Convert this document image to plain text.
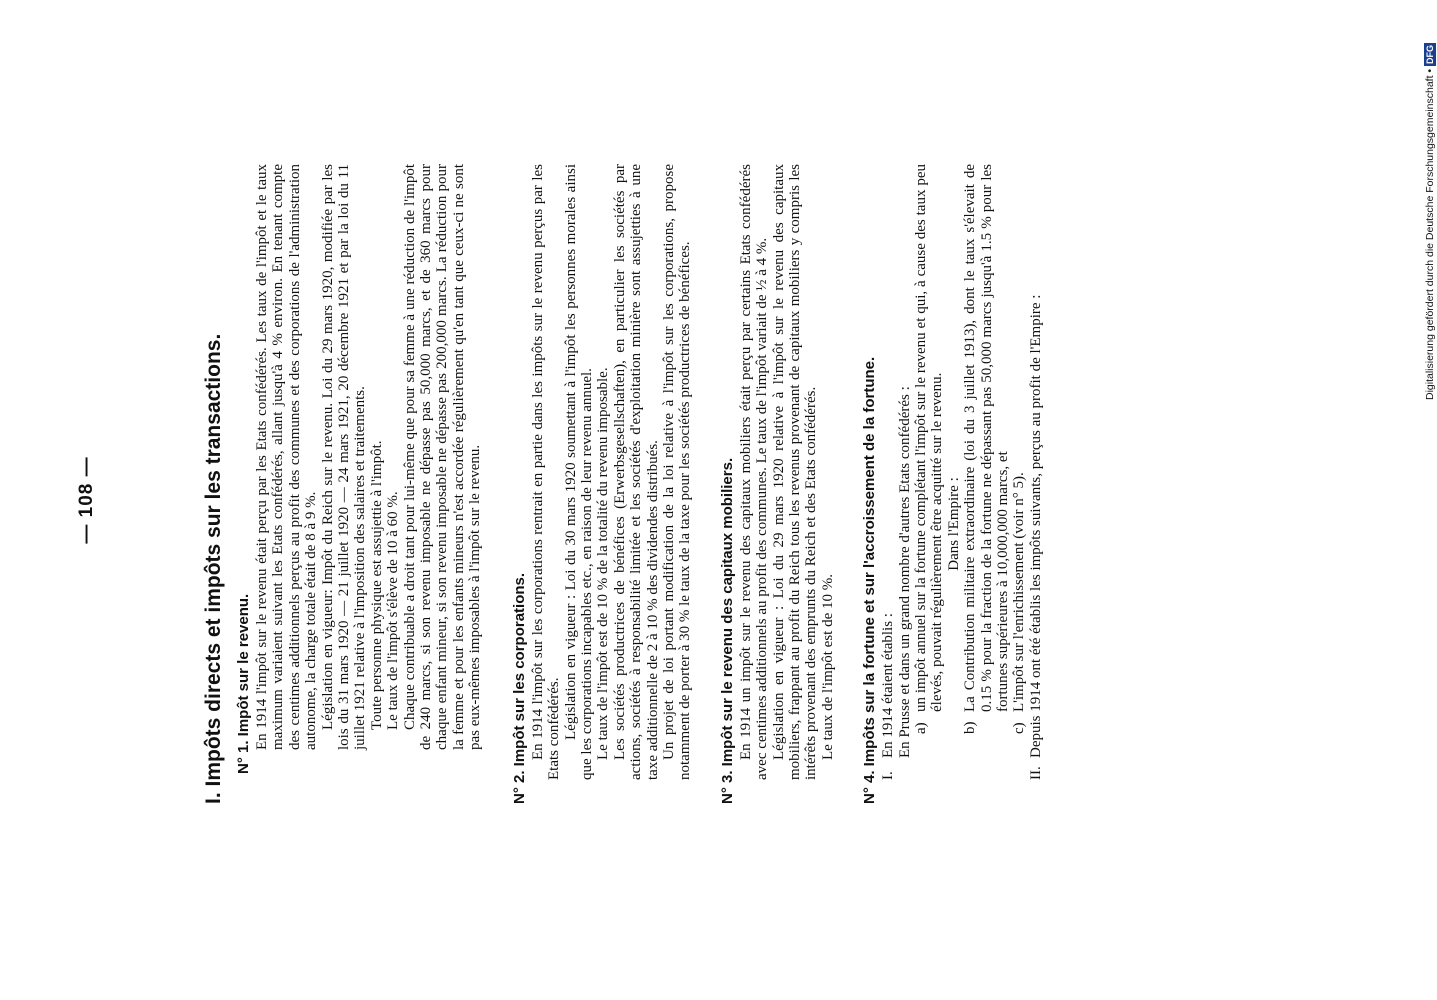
— 108 —	I. Impôts directs et impôts sur les transactions. N° 1. Impôt sur le revenu. En 1914 l'impôt sur le revenu était perçu par les Etats confédérés. Les taux de l'impôt et le taux maximum variaient suivant les Etats confédérés, allant jusqu'à 4 % environ. En tenant compte des centimes additionnels perçus au profit des communes et des corporations de l'administration autonome, la charge totale était de 8 à 9 %. Législation en vigueur: Impôt du Reich sur le revenu. Loi du 29 mars 1920, modifiée par les lois du 31 mars 1920 — 21 juillet 1920 — 24 mars 1921, 20 décembre 1921 et par la loi du 11 juillet 1921 relative à l'imposition des salaires et traitements. Toute personne physique est assujettie à l'impôt. Le taux de l'impôt s'élève de 10 à 60 %. Chaque contribuable a droit tant pour lui-même que pour sa femme à une réduction de l'impôt de 240 marcs, si son revenu imposable ne dépasse pas 50,000 marcs, et de 360 marcs pour chaque enfant mineur, si son revenu imposable ne dépasse pas 200,000 marcs. La réduction pour la femme et pour les enfants mineurs n'est accordée régulièrement qu'en tant que ceux-ci ne sont pas eux-mêmes imposables à l'impôt sur le revenu. N° 2. Impôt sur les corporations. En 1914 l'impôt sur les corporations rentrait en partie dans les impôts sur le revenu perçus par les Etats confédérés. Législation en vigueur : Loi du 30 mars 1920 soumettant à l'impôt les personnes morales ainsi que les corporations incapables etc., en raison de leur revenu annuel. Le taux de l'impôt est de 10 % de la totalité du revenu imposable. Les sociétés productrices de bénéfices (Erwerbsgesellschaften), en particulier les sociétés par actions, sociétés à responsabilité limitée et les sociétés d'exploitation minière sont assujetties à une taxe additionnelle de 2 à 10 % des dividendes distribués. Un projet de loi portant modification de la loi relative à l'impôt sur les corporations, propose notamment de porter à 30 % le taux de la taxe pour les sociétés productrices de bénéfices. N° 3. Impôt sur le revenu des capitaux mobiliers. En 1914 un impôt sur le revenu des capitaux mobiliers était perçu par certains Etats confédérés avec centimes additionnels au profit des communes. Le taux de l'impôt variait de ½ à 4 %. Législation en vigueur : Loi du 29 mars 1920 relative à l'impôt sur le revenu des capitaux mobiliers, frappant au profit du Reich tous les revenus provenant de capitaux mobiliers y compris les intérêts provenant des emprunts du Reich et des Etats confédérés. Le taux de l'impôt est de 10 %. N° 4. Impôts sur la fortune et sur l'accroissement de la fortune. I.

En 1914 étaient établis : En Prusse et dans un grand nombre d'autres Etats confédérés : a)

un impôt annuel sur la fortune complétant l'impôt sur le revenu et qui, à cause des taux peu élevés, pouvait régulièrement être acquitté sur le revenu. Dans l'Empire :
b)

La Contribution militaire extraordinaire (loi du 3 juillet 1913), dont le taux s'élevait de 0.15 % pour la fraction de la fortune ne dépassant pas 50,000 marcs jusqu'à 1.5 % pour les fortunes supérieures à 10,000,000 marcs, et

c)

L'impôt sur l'enrichissement (voir n° 5).

II.

Depuis 1914 ont été établis les impôts suivants, perçus au profit de l'Empire :

Digitalisierung gefördert durch die Deutsche Forschungsgemeinschaft • DFG
